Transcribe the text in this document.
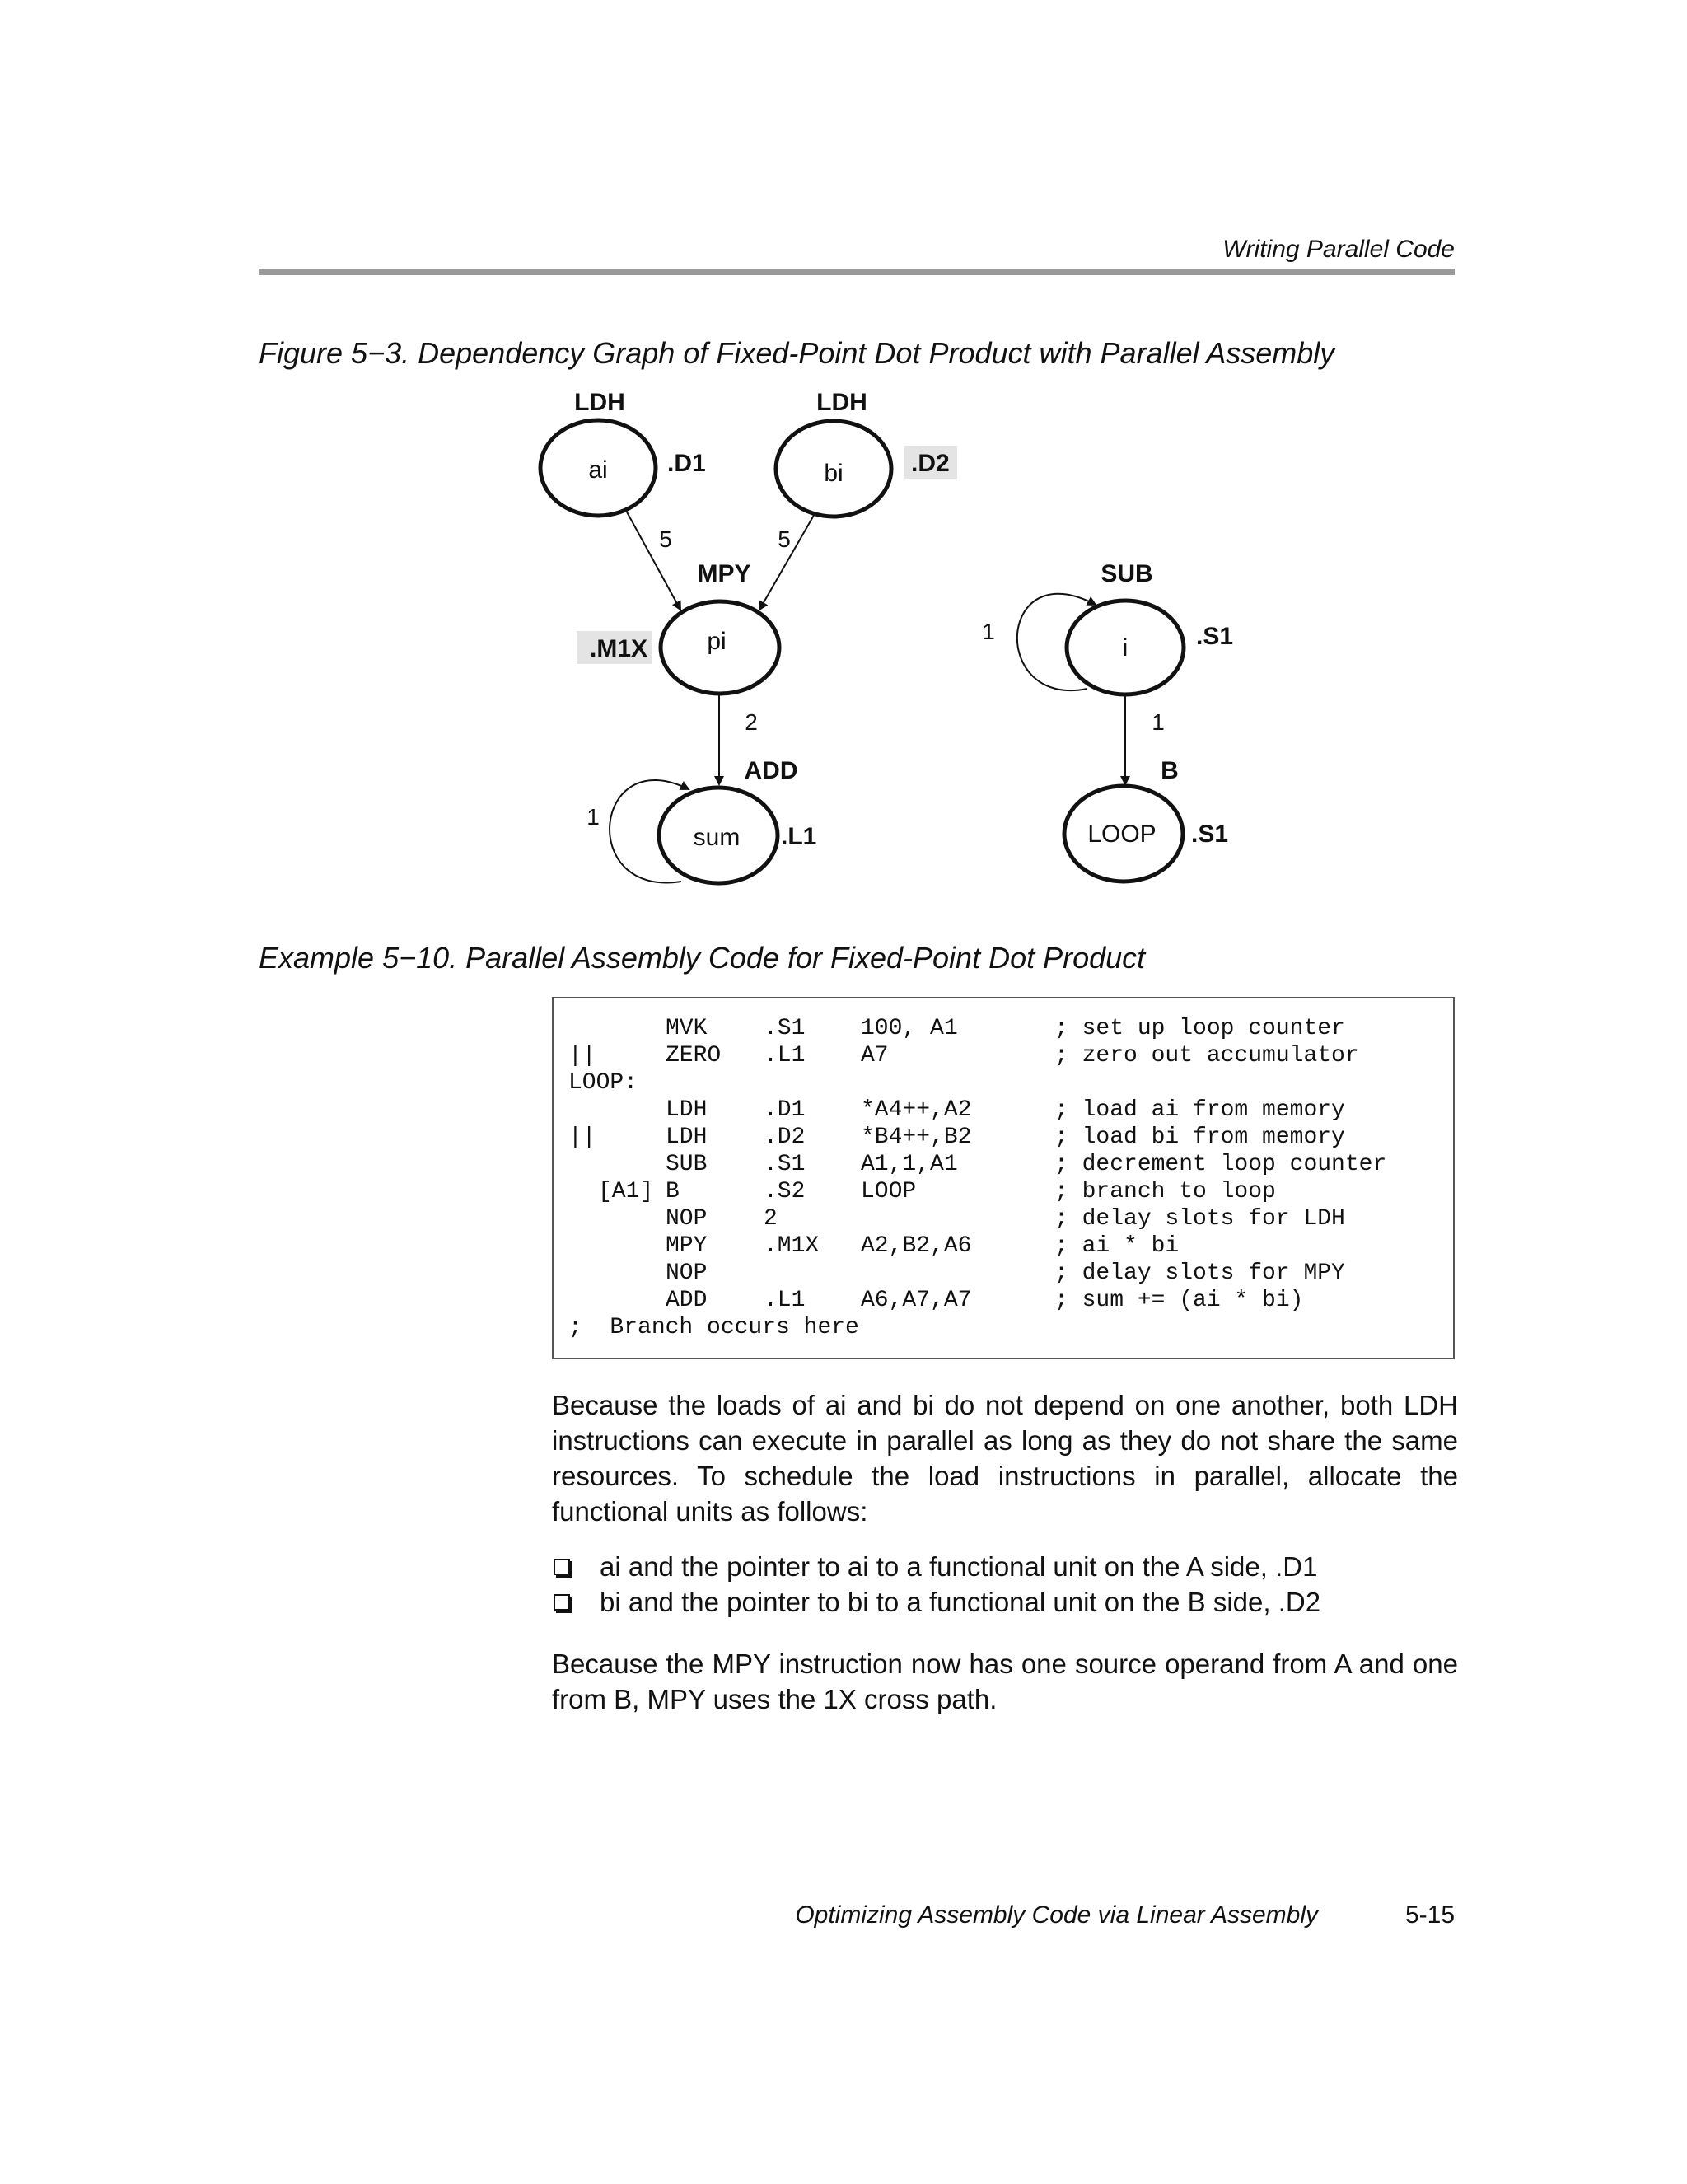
Writing Parallel Code
Figure 5−3. Dependency Graph of Fixed-Point Dot Product with Parallel Assembly
ai	bi
pi
sum
i
LOOP
LDH	LDH
MPY
ADD
SUB
B
.D1	.D2
.M1X
.L1
.S1
.S1
5	5
2
1
1
1
Example 5−10. Parallel Assembly Code for Fixed-Point Dot Product
MVK .S1 100, A1	; set up loop counter
||	ZERO .L1 A7	; zero out accumulator
LOOP:
LDH .D1 *A4++,A2	; load ai from memory
||	LDH .D2 *B4++,B2	; load bi from memory
SUB .S1 A1,1,A1	; decrement loop counter
[A1] B	.S2 LOOP	; branch to loop
NOP 2	; delay slots for LDH
MPY .M1X A2,B2,A6	; ai * bi
NOP	; delay slots for MPY
ADD .L1 A6,A7,A7	; sum += (ai * bi)
;  Branch occurs here
Because the loads of ai and bi do not depend on one another, both LDH instructions can execute in parallel as long as they do not share the same resources. To schedule the load instructions in parallel, allocate the functional units as follows:
ai and the pointer to ai to a functional unit on the A side, .D1
bi and the pointer to bi to a functional unit on the B side, .D2
Because the MPY instruction now has one source operand from A and one from B, MPY uses the 1X cross path.
Optimizing Assembly Code via Linear Assembly	5-15
